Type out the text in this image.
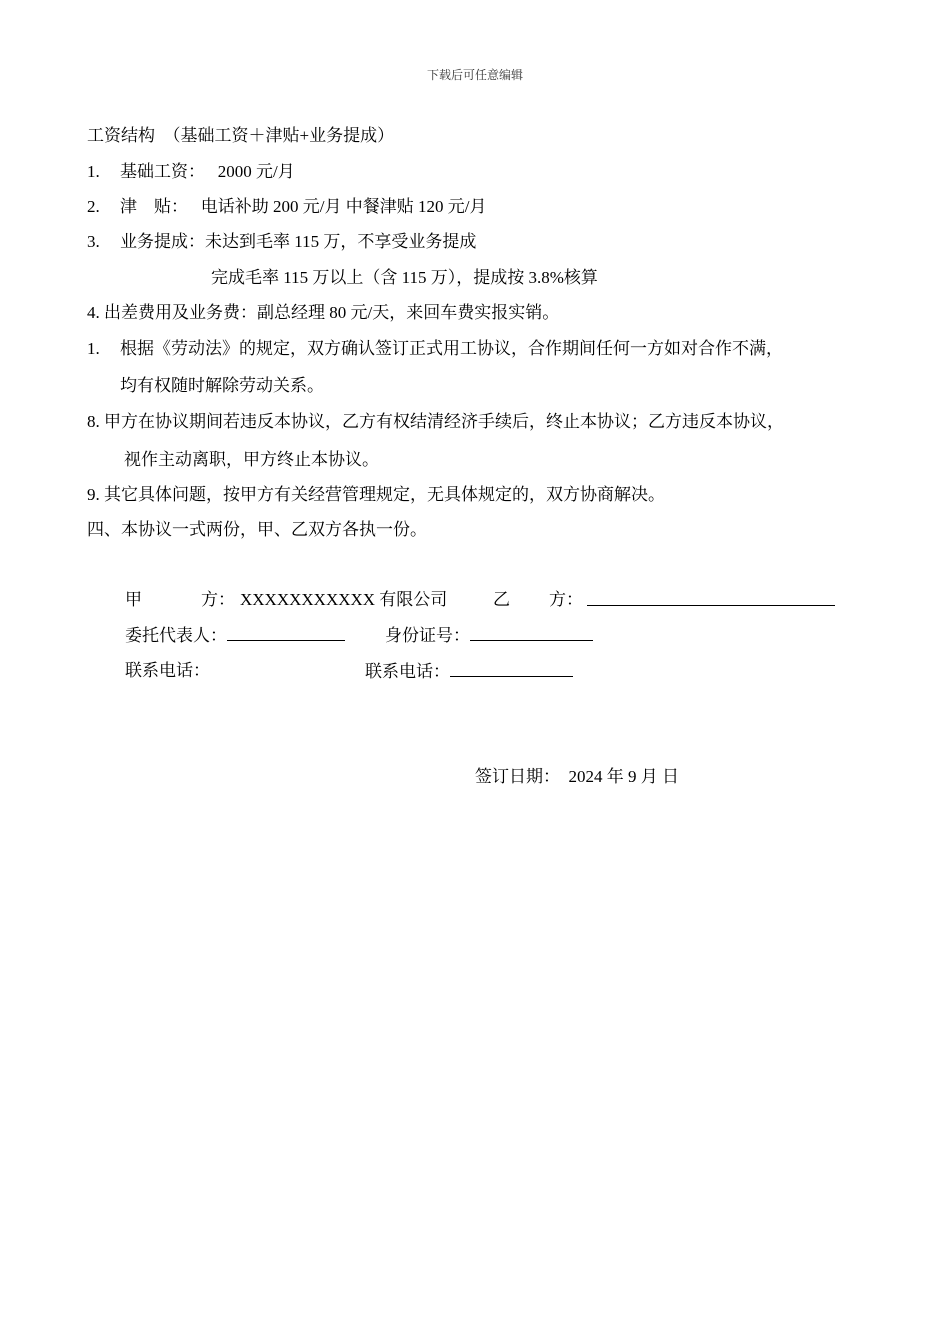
下载后可任意编辑
工资结构　（基础工资＋津贴+业务提成）
1. 基础工资：　 2000 元/月
2. 津　贴：　 电话补助 200 元/月 中餐津贴 120 元/月
3. 业务提成：未达到毛率 115 万，不享受业务提成
完成毛率 115 万以上（含 115 万），提成按 3.8%核算
4. 出差费用及业务费：副总经理 80 元/天，来回车费实报实销。
1. 根据《劳动法》的规定，双方确认签订正式用工协议，合作期间任何一方如对合作不满，
均有权随时解除劳动关系。
8. 甲方在协议期间若违反本协议，乙方有权结清经济手续后，终止本协议；乙方违反本协议，
视作主动离职，甲方终止本协议。
9. 其它具体问题，按甲方有关经营管理规定，无具体规定的，双方协商解决。
四、本协议一式两份，甲、乙双方各执一份。
甲	方： XXXXXXXXXXX 有限公司	乙 方：
委托代表人：	身份证号：
联系电话：	联系电话：
签订日期：　2024 年 9 月 日
